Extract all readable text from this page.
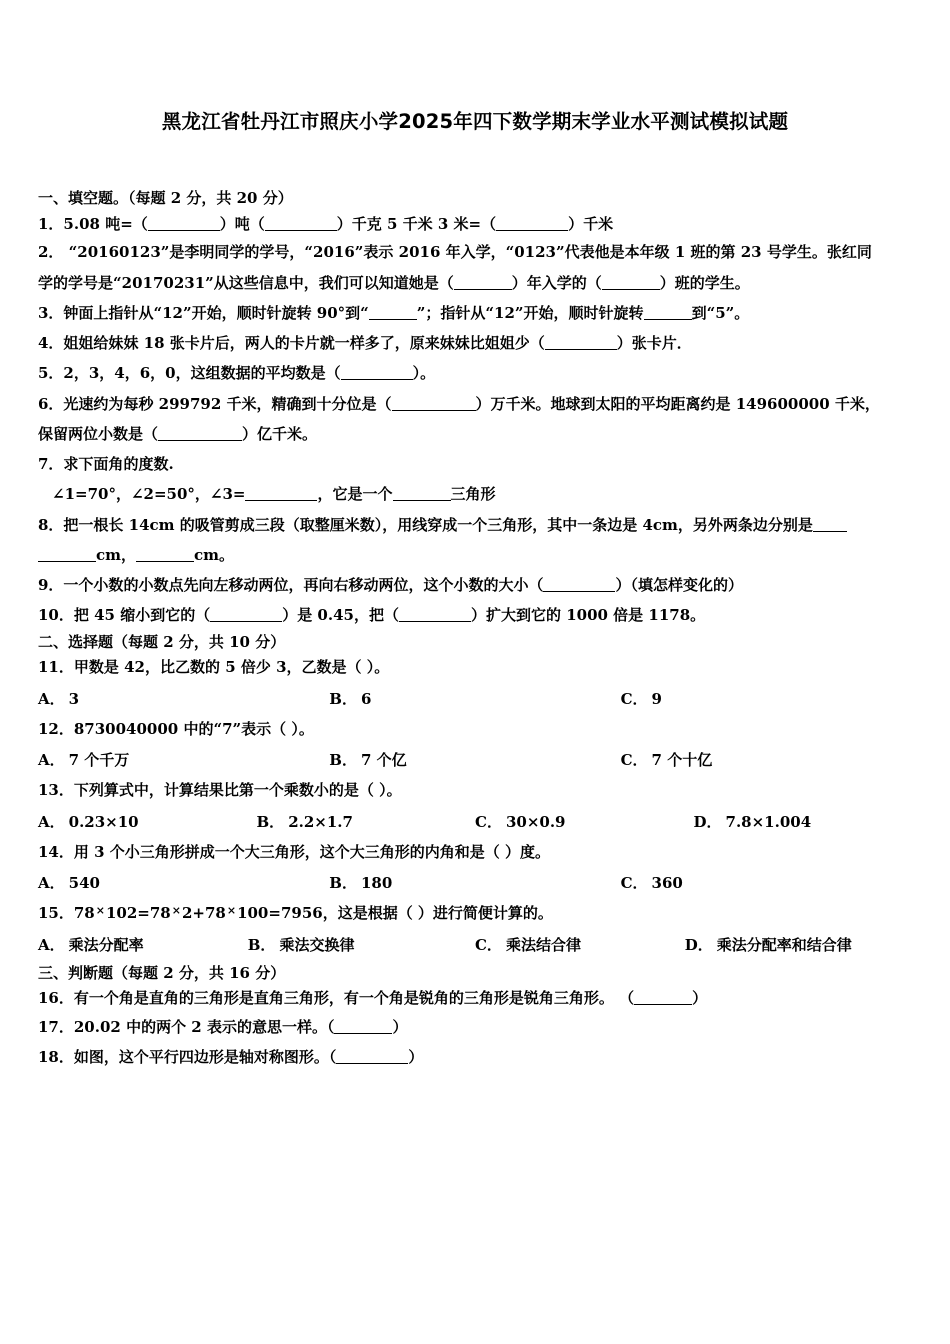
黑龙江省牡丹江市照庆小学2025年四下数学期末学业水平测试模拟试题
一、填空题。（每题 2 分，共 20 分）
1．5.08 吨=（	）吨（	）千克 5 千米 3 米=（	）千米
2． “20160123”是李明同学的学号，“2016”表示 2016 年入学，“0123”代表他是本年级 1 班的第 23 号学生。张红同
学的学号是“20170231”从这些信息中，我们可以知道她是（	）年入学的（	）班的学生。
3．钟面上指针从“12”开始，顺时针旋转 90°到“	”；指针从“12”开始，顺时针旋转	到“5”。
4．姐姐给妹妹 18 张卡片后，两人的卡片就一样多了，原来妹妹比姐姐少（	）张卡片．
5．2，3，4，6，0，这组数据的平均数是（	）。
6．光速约为每秒 299792 千米，精确到十分位是（	）万千米。地球到太阳的平均距离约是 149600000 千米，
保留两位小数是（	）亿千米。
7．求下面角的度数.
∠1=70°，∠2=50°，∠3=	，它是一个	三角形
8．把一根长 14cm 的吸管剪成三段（取整厘米数），用线穿成一个三角形，其中一条边是 4cm，另外两条边分别是
cm，	cm。
9．一个小数的小数点先向左移动两位，再向右移动两位，这个小数的大小（	）（填怎样变化的）
10．把 45 缩小到它的（	）是 0.45，把（	）扩大到它的 1000 倍是 1178。
二、选择题（每题 2 分，共 10 分）
11．甲数是 42，比乙数的 5 倍少 3，乙数是（ ）。
A． 3	B． 6	C． 9
12．8730040000 中的“7”表示（ ）。
A． 7 个千万	B． 7 个亿	C． 7 个十亿
13．下列算式中，计算结果比第一个乘数小的是（ ）。
A． 0.23×10	B． 2.2×1.7	C． 30×0.9	D． 7.8×1.004
14．用 3 个小三角形拼成一个大三角形，这个大三角形的内角和是（ ）度。
A． 540	B． 180	C． 360
15．78×102=78×2+78×100=7956，这是根据（ ）进行简便计算的。
A． 乘法分配率	B． 乘法交换律	C． 乘法结合律	D． 乘法分配率和结合律
三、判断题（每题 2 分，共 16 分）
16．有一个角是直角的三角形是直角三角形，有一个角是锐角的三角形是锐角三角形。 （	）
17．20.02 中的两个 2 表示的意思一样。（	）
18．如图，这个平行四边形是轴对称图形。（	）
